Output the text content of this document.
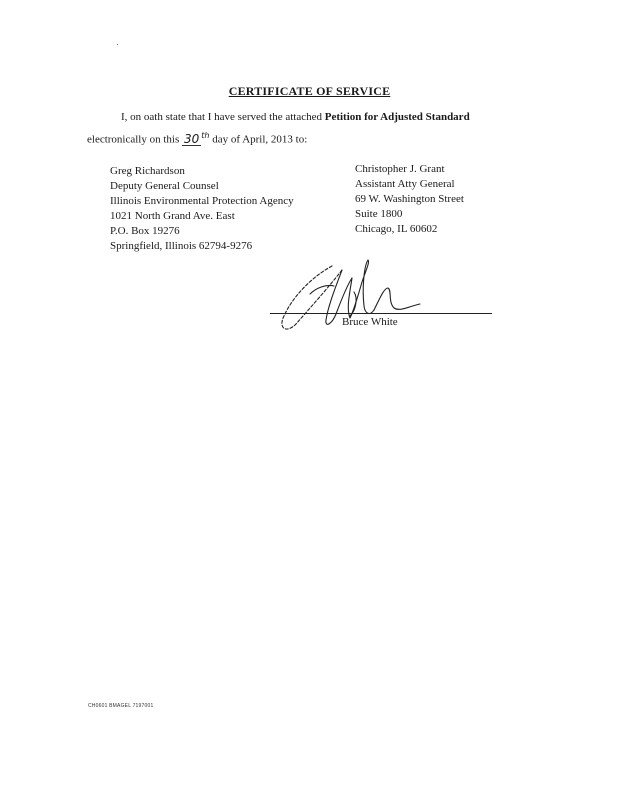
CERTIFICATE OF SERVICE
I, on oath state that I have served the attached Petition for Adjusted Standard
electronically on this 30 $^{th}$ day of April, 2013 to:
Greg Richardson
Deputy General Counsel
Illinois Environmental Protection Agency
1021 North Grand Ave. East
P.O. Box 19276
Springfield, Illinois 62794-9276
Christopher J. Grant
Assistant Atty General
69 W. Washington Street
Suite 1800
Chicago, IL 60602
Bruce White
CH0601 BMAGEL 7197001
